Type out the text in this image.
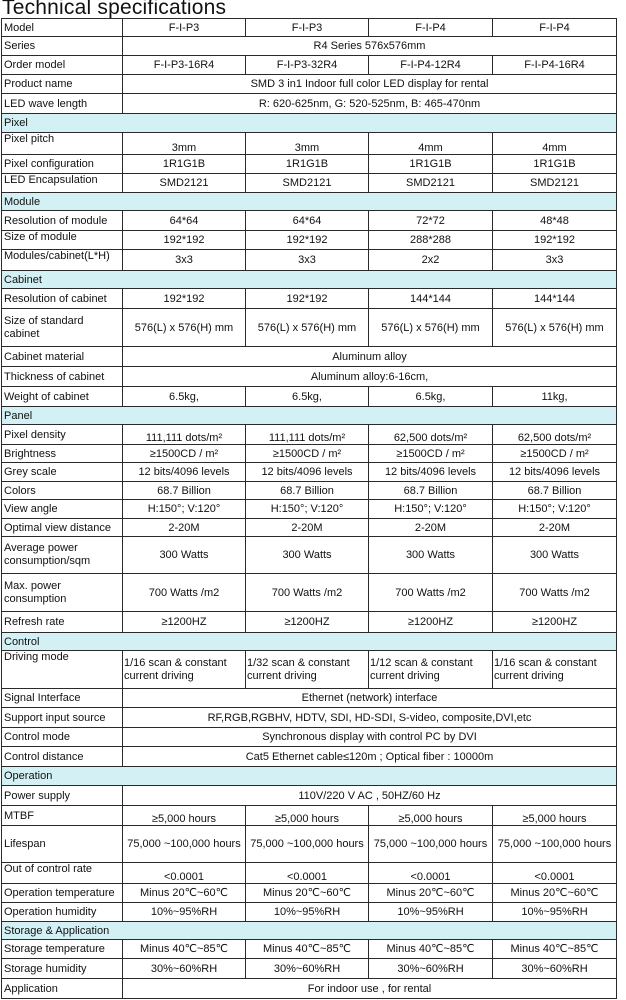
Technical specifications
Model	F-I-P3	F-I-P3	F-I-P4	F-I-P4
Series	R4 Series 576x576mm			
Order model	F-I-P3-16R4	F-I-P3-32R4	F-I-P4-12R4	F-I-P4-16R4
Product name	SMD 3 in1 Indoor full color LED display for rental			
LED wave length	R: 620-625nm, G: 520-525nm, B: 465-470nm			
Pixel				
Pixel pitch	3mm	3mm	4mm	4mm
Pixel configuration	1R1G1B	1R1G1B	1R1G1B	1R1G1B
LED Encapsulation	SMD2121	SMD2121	SMD2121	SMD2121
Module				
Resolution of module	64*64	64*64	72*72	48*48
Size of module	192*192	192*192	288*288	192*192
Modules/cabinet(L*H)	3x3	3x3	2x2	3x3
Cabinet				
Resolution of cabinet	192*192	192*192	144*144	144*144
Size of standard cabinet	576(L) x 576(H) mm	576(L) x 576(H) mm	576(L) x 576(H) mm	576(L) x 576(H) mm
Cabinet material	Aluminum alloy			
Thickness of cabinet	Aluminum alloy:6-16cm,			
Weight of cabinet	6.5kg,	6.5kg,	6.5kg,	11kg,
Panel				
Pixel density	111,111 dots/m²	111,111 dots/m²	62,500 dots/m²	62,500 dots/m²
Brightness	≥1500CD / m²	≥1500CD / m²	≥1500CD / m²	≥1500CD / m²
Grey scale	12 bits/4096 levels	12 bits/4096 levels	12 bits/4096 levels	12 bits/4096 levels
Colors	68.7 Billion	68.7 Billion	68.7 Billion	68.7 Billion
View angle	H:150°; V:120°	H:150°; V:120°	H:150°; V:120°	H:150°; V:120°
Optimal view distance	2-20M	2-20M	2-20M	2-20M
Average power consumption/sqm	300 Watts	300 Watts	300 Watts	300 Watts
Max. power consumption	700 Watts /m2	700 Watts /m2	700 Watts /m2	700 Watts /m2
Refresh rate	≥1200HZ	≥1200HZ	≥1200HZ	≥1200HZ
Control				
Driving mode	1/16 scan & constant current driving	1/32 scan & constant current driving	1/12 scan & constant current driving	1/16 scan & constant current driving
Signal Interface	Ethernet (network) interface			
Support input source	RF,RGB,RGBHV, HDTV, SDI, HD-SDI, S-video, composite,DVI,etc			
Control mode	Synchronous display with control PC by DVI			
Control distance	Cat5 Ethernet cable≤120m ; Optical fiber : 10000m			
Operation				
Power supply	110V/220 V AC , 50HZ/60 Hz			
MTBF	≥5,000 hours	≥5,000 hours	≥5,000 hours	≥5,000 hours
Lifespan	75,000 ~100,000 hours	75,000 ~100,000 hours	75,000 ~100,000 hours	75,000 ~100,000 hours
Out of control rate	<0.0001	<0.0001	<0.0001	<0.0001
Operation temperature	Minus 20℃~60℃	Minus 20℃~60℃	Minus 20℃~60℃	Minus 20℃~60℃
Operation humidity	10%~95%RH	10%~95%RH	10%~95%RH	10%~95%RH
Storage & Application				
Storage temperature	Minus 40℃~85℃	Minus 40℃~85℃	Minus 40℃~85℃	Minus 40℃~85℃
Storage humidity	30%~60%RH	30%~60%RH	30%~60%RH	30%~60%RH
Application	For indoor use , for rental			
